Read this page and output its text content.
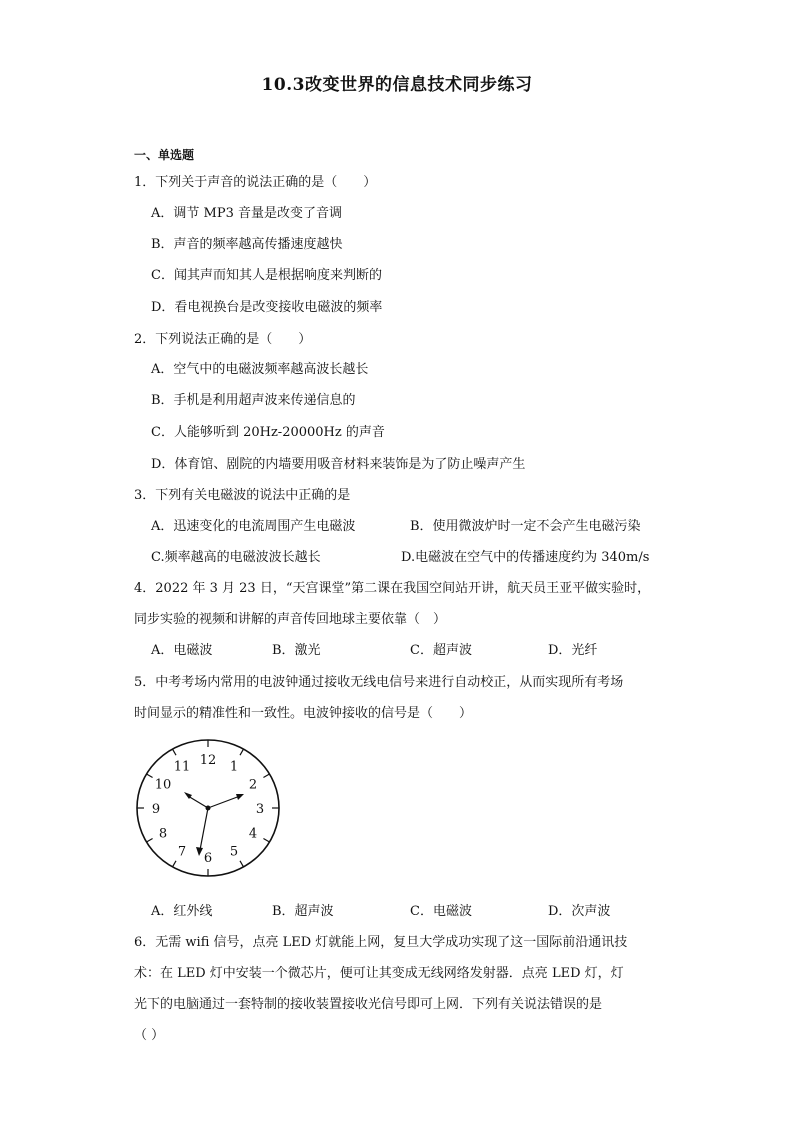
10.3改变世界的信息技术同步练习
一、单选题
1．下列关于声音的说法正确的是（　　）
A．调节 MP3 音量是改变了音调
B．声音的频率越高传播速度越快
C．闻其声而知其人是根据响度来判断的
D．看电视换台是改变接收电磁波的频率
2．下列说法正确的是（　　）
A．空气中的电磁波频率越高波长越长
B．手机是利用超声波来传递信息的
C．人能够听到 20Hz-20000Hz 的声音
D．体育馆、剧院的内墙要用吸音材料来装饰是为了防止噪声产生
3．下列有关电磁波的说法中正确的是
A．迅速变化的电流周围产生电磁波	B．使用微波炉时一定不会产生电磁污染
C.频率越高的电磁波波长越长	D.电磁波在空气中的传播速度约为 340m/s
4．2022 年 3 月 23 日，“天宫课堂”第二课在我国空间站开讲，航天员王亚平做实验时，
同步实验的视频和讲解的声音传回地球主要依靠（　）
A．电磁波	B．激光	C．超声波	D．光纤
5．中考考场内常用的电波钟通过接收无线电信号来进行自动校正，从而实现所有考场
时间显示的精准性和一致性。电波钟接收的信号是（　　）
12 1
2
3
4
5
6
7
8
9
10
11
A．红外线	B．超声波	C．电磁波	D．次声波
6．无需 wifi 信号，点亮 LED 灯就能上网，复旦大学成功实现了这一国际前沿通讯技
术：在 LED 灯中安装一个微芯片，便可让其变成无线网络发射器．点亮 LED 灯，灯
光下的电脑通过一套特制的接收装置接收光信号即可上网．下列有关说法错误的是
（ ）
